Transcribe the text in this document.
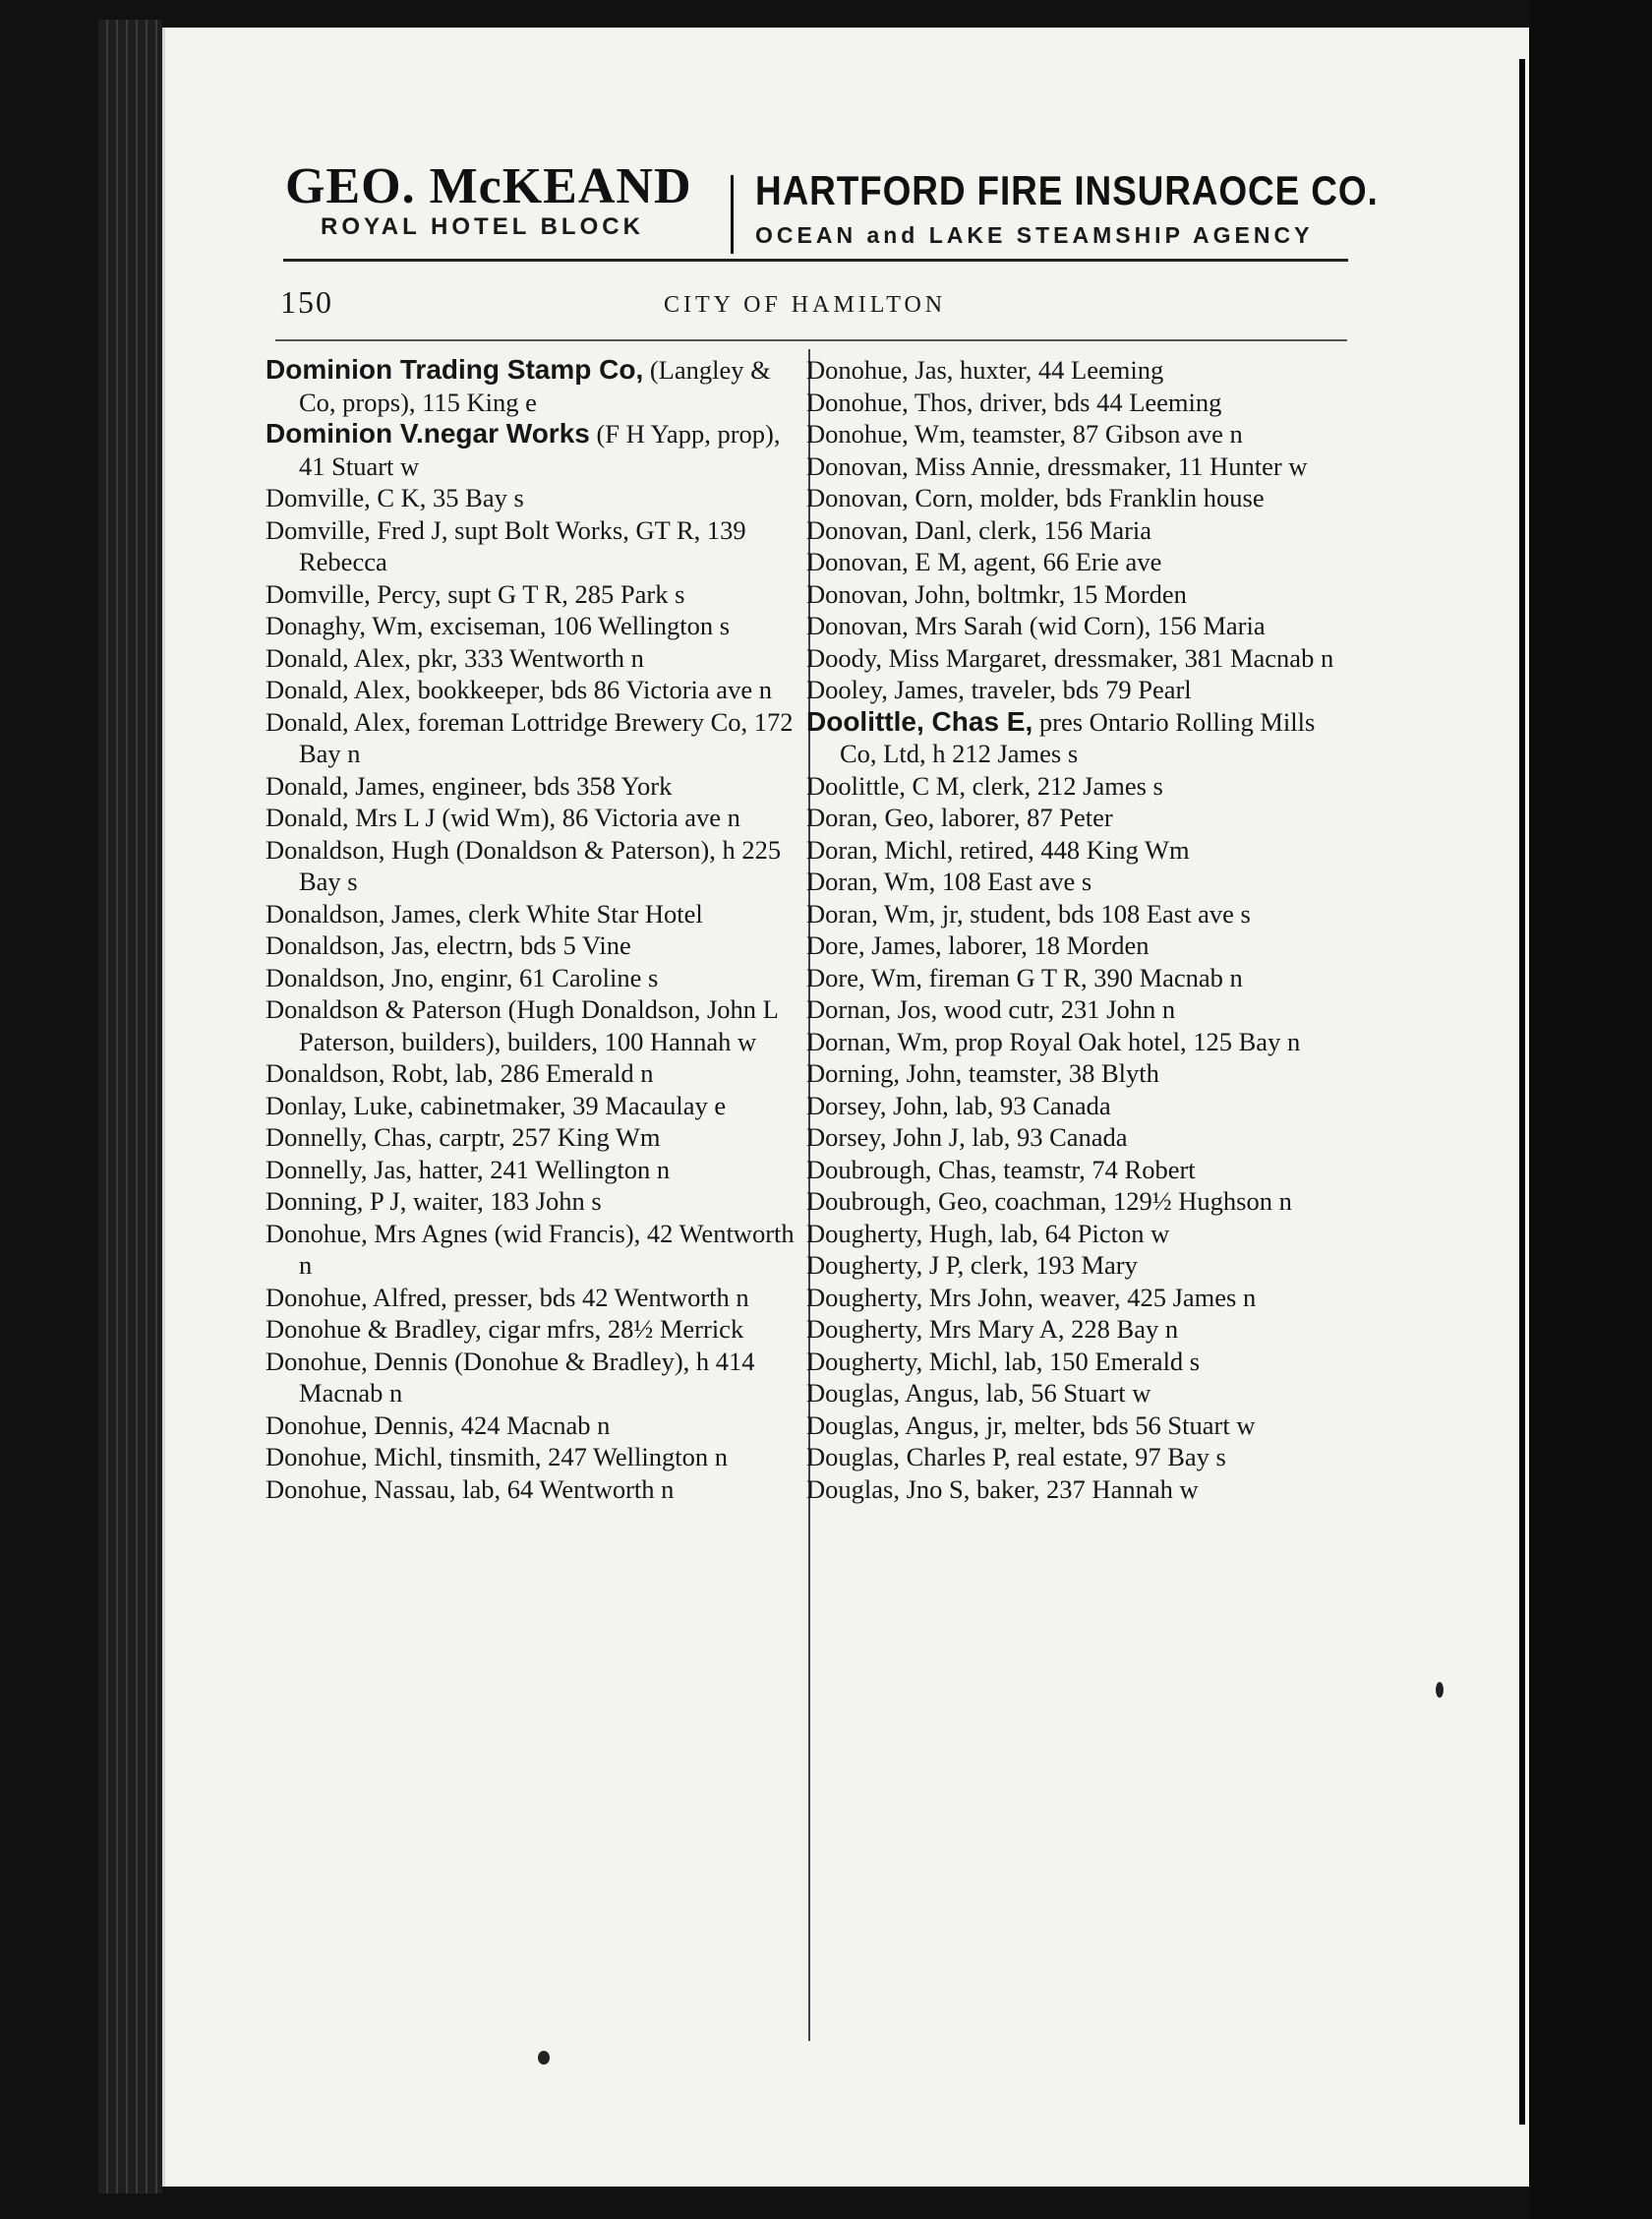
GEO. McKEAND
ROYAL HOTEL BLOCK
HARTFORD FIRE INSURAOCE CO.
OCEAN and LAKE STEAMSHIP AGENCY
150	CITY OF HAMILTON
Dominion Trading Stamp Co, (Langley & Co, props), 115 King e
Dominion V.negar Works (F H Yapp, prop), 41 Stuart w
Domville, C K, 35 Bay s
Domville, Fred J, supt Bolt Works, GT R, 139 Rebecca
Domville, Percy, supt G T R, 285 Park s
Donaghy, Wm, exciseman, 106 Wellington s
Donald, Alex, pkr, 333 Wentworth n
Donald, Alex, bookkeeper, bds 86 Victoria ave n
Donald, Alex, foreman Lottridge Brewery Co, 172 Bay n
Donald, James, engineer, bds 358 York
Donald, Mrs L J (wid Wm), 86 Victoria ave n
Donaldson, Hugh (Donaldson & Paterson), h 225 Bay s
Donaldson, James, clerk White Star Hotel
Donaldson, Jas, electrn, bds 5 Vine
Donaldson, Jno, enginr, 61 Caroline s
Donaldson & Paterson (Hugh Donaldson, John L Paterson, builders), builders, 100 Hannah w
Donaldson, Robt, lab, 286 Emerald n
Donlay, Luke, cabinetmaker, 39 Macaulay e
Donnelly, Chas, carptr, 257 King Wm
Donnelly, Jas, hatter, 241 Wellington n
Donning, P J, waiter, 183 John s
Donohue, Mrs Agnes (wid Francis), 42 Wentworth n
Donohue, Alfred, presser, bds 42 Wentworth n
Donohue & Bradley, cigar mfrs, 28½ Merrick
Donohue, Dennis (Donohue & Bradley), h 414 Macnab n
Donohue, Dennis, 424 Macnab n
Donohue, Michl, tinsmith, 247 Wellington n
Donohue, Nassau, lab, 64 Wentworth n
Donohue, Jas, huxter, 44 Leeming
Donohue, Thos, driver, bds 44 Leeming
Donohue, Wm, teamster, 87 Gibson ave n
Donovan, Miss Annie, dressmaker, 11 Hunter w
Donovan, Corn, molder, bds Franklin house
Donovan, Danl, clerk, 156 Maria
Donovan, E M, agent, 66 Erie ave
Donovan, John, boltmkr, 15 Morden
Donovan, Mrs Sarah (wid Corn), 156 Maria
Doody, Miss Margaret, dressmaker, 381 Macnab n
Dooley, James, traveler, bds 79 Pearl
Doolittle, Chas E, pres Ontario Rolling Mills Co, Ltd, h 212 James s
Doolittle, C M, clerk, 212 James s
Doran, Geo, laborer, 87 Peter
Doran, Michl, retired, 448 King Wm
Doran, Wm, 108 East ave s
Doran, Wm, jr, student, bds 108 East ave s
Dore, James, laborer, 18 Morden
Dore, Wm, fireman G T R, 390 Macnab n
Dornan, Jos, wood cutr, 231 John n
Dornan, Wm, prop Royal Oak hotel, 125 Bay n
Dorning, John, teamster, 38 Blyth
Dorsey, John, lab, 93 Canada
Dorsey, John J, lab, 93 Canada
Doubrough, Chas, teamstr, 74 Robert
Doubrough, Geo, coachman, 129½ Hughson n
Dougherty, Hugh, lab, 64 Picton w
Dougherty, J P, clerk, 193 Mary
Dougherty, Mrs John, weaver, 425 James n
Dougherty, Mrs Mary A, 228 Bay n
Dougherty, Michl, lab, 150 Emerald s
Douglas, Angus, lab, 56 Stuart w
Douglas, Angus, jr, melter, bds 56 Stuart w
Douglas, Charles P, real estate, 97 Bay s
Douglas, Jno S, baker, 237 Hannah w
